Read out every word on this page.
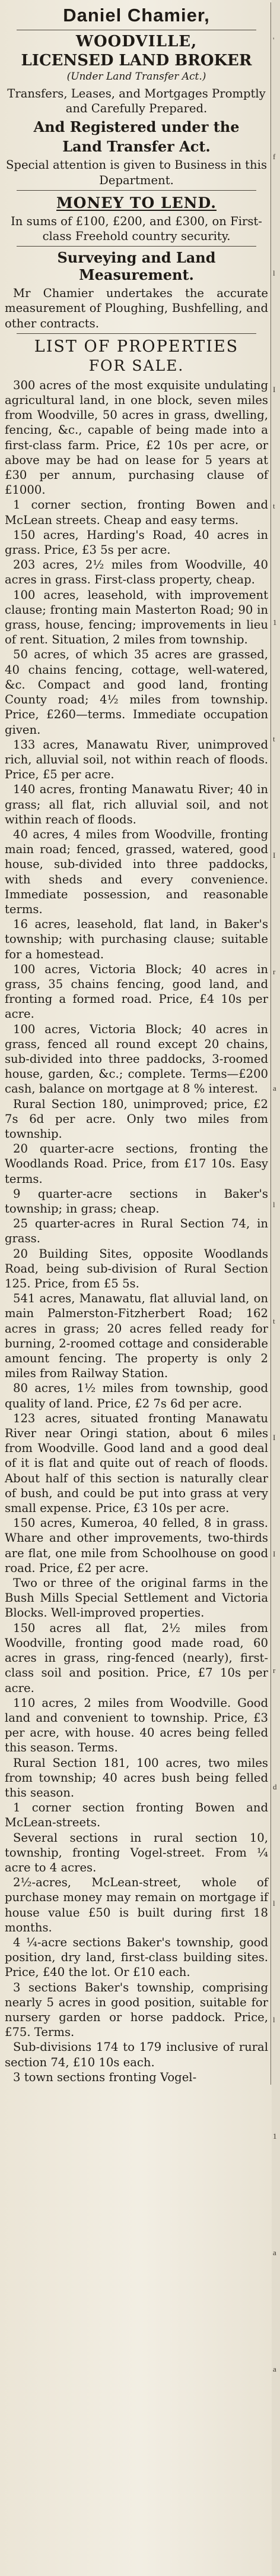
Daniel Chamier,
WOODVILLE,
LICENSED LAND BROKER
(Under Land Transfer Act.)

Transfers, Leases, and Mortgages Promptly and Carefully Prepared.

And Registered under the
Land Transfer Act.

Special attention is given to Business in this Department.

MONEY TO LEND.

In sums of £100, £200, and £300, on First-class Freehold country security.

Surveying and Land Measurement.

Mr Chamier undertakes the accurate measurement of Ploughing, Bushfelling, and other contracts.

LIST OF PROPERTIES
FOR SALE.

300 acres of the most exquisite undulating agricultural land, in one block, seven miles from Woodville, 50 acres in grass, dwelling, fencing, &c., capable of being made into a first-class farm. Price, £2 10s per acre, or above may be had on lease for 5 years at £30 per annum, purchasing clause of £1000.

1 corner section, fronting Bowen and McLean streets. Cheap and easy terms.

150 acres, Harding's Road, 40 acres in grass. Price, £3 5s per acre.

203 acres, 2½ miles from Woodville, 40 acres in grass. First-class property, cheap.

100 acres, leasehold, with improvement clause; fronting main Masterton Road; 90 in grass, house, fencing; improvements in lieu of rent. Situation, 2 miles from township.

50 acres, of which 35 acres are grassed, 40 chains fencing, cottage, well-watered, &c. Compact and good land, fronting County road; 4½ miles from township. Price, £260—terms. Immediate occupation given.

133 acres, Manawatu River, unimproved rich, alluvial soil, not within reach of floods. Price, £5 per acre.

140 acres, fronting Manawatu River; 40 in grass; all flat, rich alluvial soil, and not within reach of floods.

40 acres, 4 miles from Woodville, fronting main road; fenced, grassed, watered, good house, sub-divided into three paddocks, with sheds and every convenience. Immediate possession, and reasonable terms.

16 acres, leasehold, flat land, in Baker's township; with purchasing clause; suitable for a homestead.

100 acres, Victoria Block; 40 acres in grass, 35 chains fencing, good land, and fronting a formed road. Price, £4 10s per acre.

100 acres, Victoria Block; 40 acres in grass, fenced all round except 20 chains, sub-divided into three paddocks, 3-roomed house, garden, &c.; complete. Terms—£200 cash, balance on mortgage at 8 % interest.

Rural Section 180, unimproved; price, £2 7s 6d per acre. Only two miles from township.

20 quarter-acre sections, fronting the Woodlands Road. Price, from £17 10s. Easy terms.

9 quarter-acre sections in Baker's township; in grass; cheap.

25 quarter-acres in Rural Section 74, in grass.

20 Building Sites, opposite Woodlands Road, being sub-division of Rural Section 125. Price, from £5 5s.

541 acres, Manawatu, flat alluvial land, on main Palmerston-Fitzherbert Road; 162 acres in grass; 20 acres felled ready for burning, 2-roomed cottage and considerable amount fencing. The property is only 2 miles from Railway Station.

80 acres, 1½ miles from township, good quality of land. Price, £2 7s 6d per acre.

123 acres, situated fronting Manawatu River near Oringi station, about 6 miles from Woodville. Good land and a good deal of it is flat and quite out of reach of floods. About half of this section is naturally clear of bush, and could be put into grass at very small expense. Price, £3 10s per acre.

150 acres, Kumeroa, 40 felled, 8 in grass. Whare and other improvements, two-thirds are flat, one mile from Schoolhouse on good road. Price, £2 per acre.

Two or three of the original farms in the Bush Mills Special Settlement and Victoria Blocks. Well-improved properties.

150 acres all flat, 2½ miles from Woodville, fronting good made road, 60 acres in grass, ring-fenced (nearly), first-class soil and position. Price, £7 10s per acre.

110 acres, 2 miles from Woodville. Good land and convenient to township. Price, £3 per acre, with house. 40 acres being felled this season. Terms.

Rural Section 181, 100 acres, two miles from township; 40 acres bush being felled this season.

1 corner section fronting Bowen and McLean-streets.

Several sections in rural section 10, township, fronting Vogel-street. From ¼ acre to 4 acres.

2½-acres, McLean-street, whole of purchase money may remain on mortgage if house value £50 is built during first 18 months.

4 ¼-acre sections Baker's township, good position, dry land, first-class building sites. Price, £40 the lot. Or £10 each.

3 sections Baker's township, comprising nearly 5 acres in good position, suitable for nursery garden or horse paddock. Price, £75. Terms.

Sub-divisions 174 to 179 inclusive of rural section 74, £10 10s each.

3 town sections fronting Vogel-

'
f
l
I
t
1
t
I
r
a
l
t
I
I
r
d
l
l
1
a
a
